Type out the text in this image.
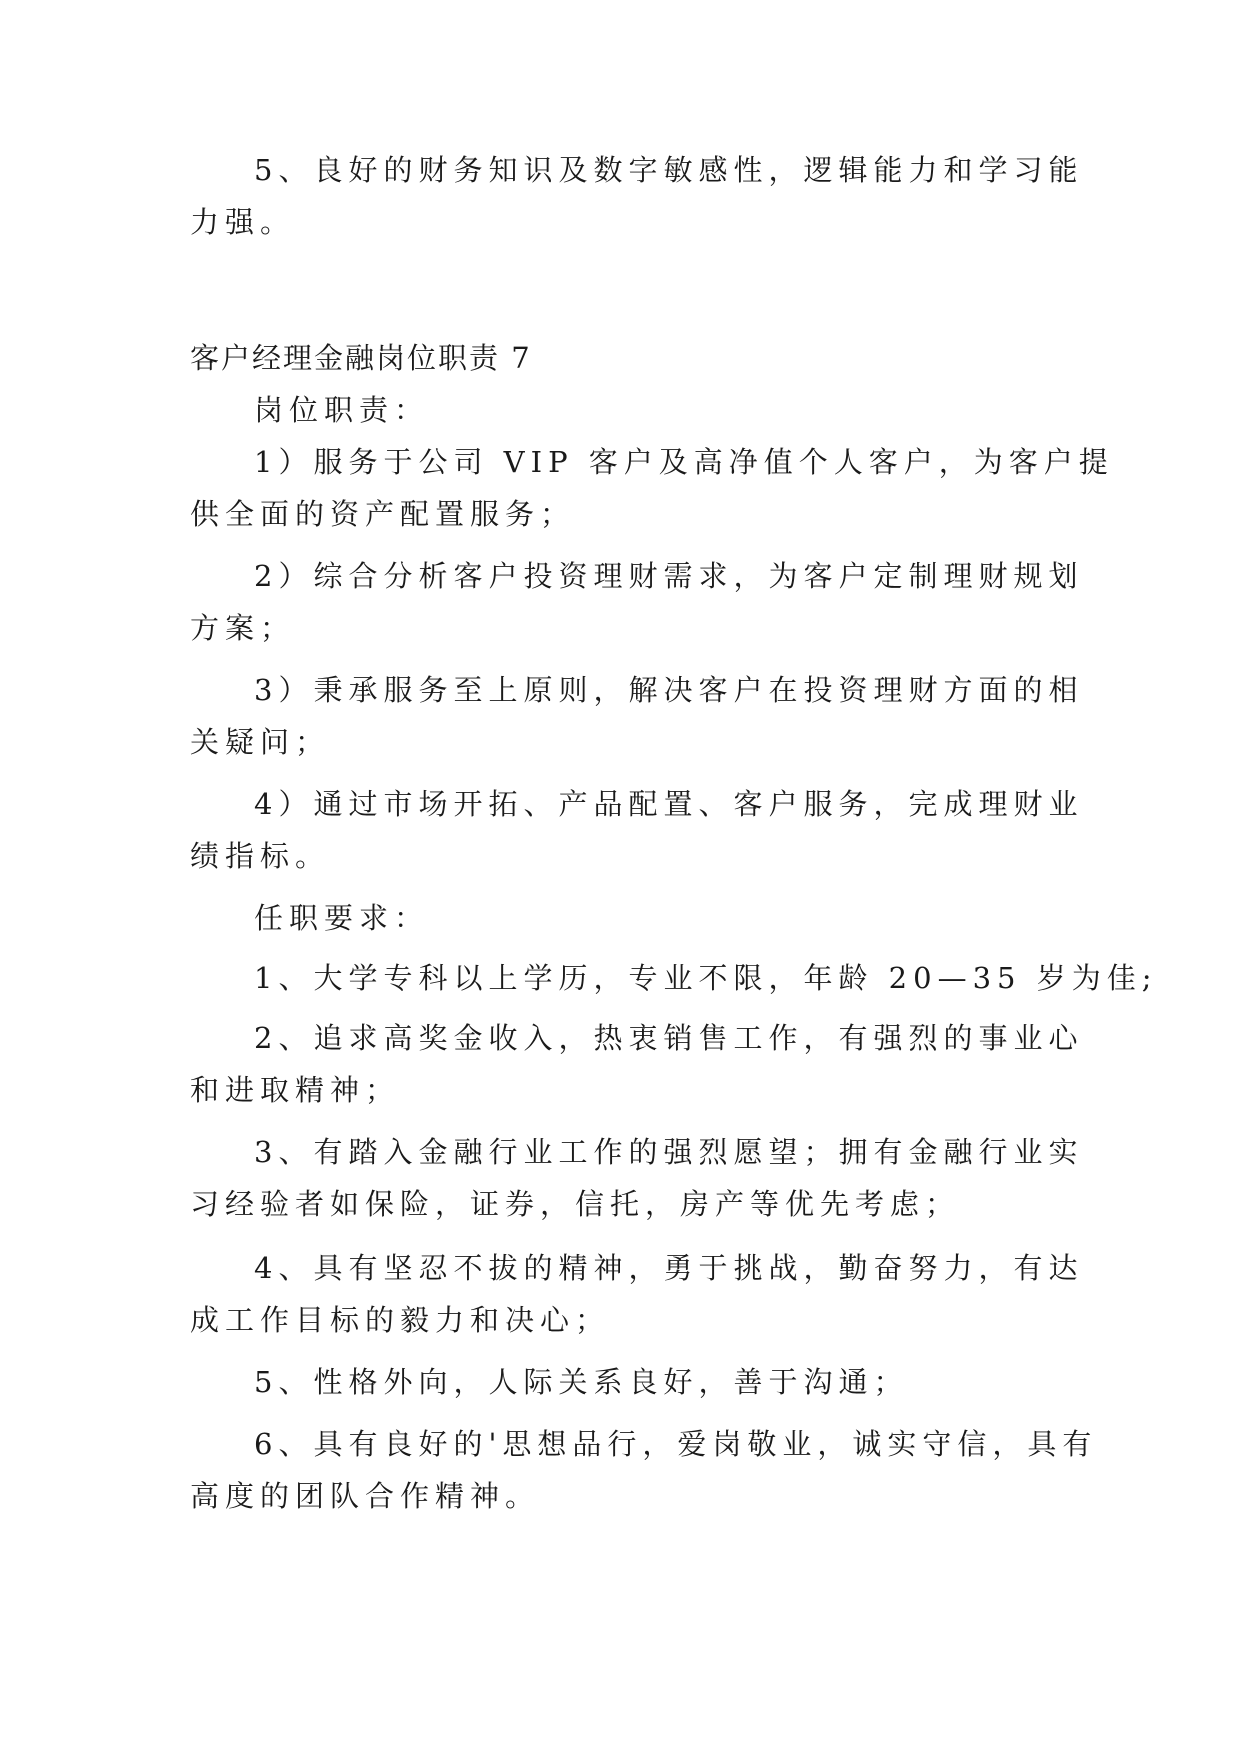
5、良好的财务知识及数字敏感性，逻辑能力和学习能
力强。
客户经理金融岗位职责 7
岗位职责：
1）服务于公司 VIP 客户及高净值个人客户，为客户提
供全面的资产配置服务；
2）综合分析客户投资理财需求，为客户定制理财规划
方案；
3）秉承服务至上原则，解决客户在投资理财方面的相
关疑问；
4）通过市场开拓、产品配置、客户服务，完成理财业
绩指标。
任职要求：
1、大学专科以上学历，专业不限，年龄 20—35 岁为佳;
2、追求高奖金收入，热衷销售工作，有强烈的事业心
和进取精神；
3、有踏入金融行业工作的强烈愿望；拥有金融行业实
习经验者如保险，证券，信托，房产等优先考虑；
4、具有坚忍不拔的精神，勇于挑战，勤奋努力，有达
成工作目标的毅力和决心；
5、性格外向，人际关系良好，善于沟通；
6、具有良好的'思想品行，爱岗敬业，诚实守信，具有
高度的团队合作精神。
